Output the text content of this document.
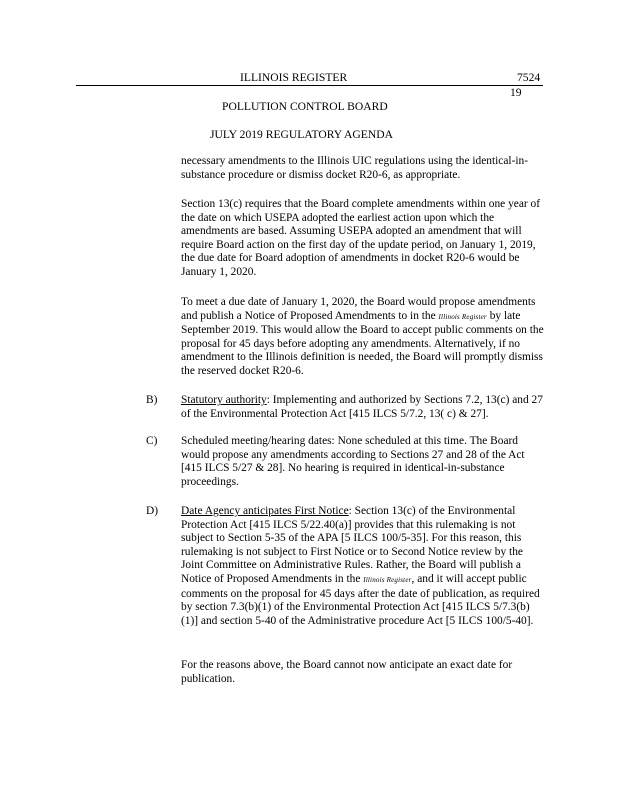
ILLINOIS REGISTER	7524
19
POLLUTION CONTROL BOARD
JULY 2019 REGULATORY AGENDA

necessary amendments to the Illinois UIC regulations using the identical-in-substance procedure or dismiss docket R20-6, as appropriate.

Section 13(c) requires that the Board complete amendments within one year of the date on which USEPA adopted the earliest action upon which the amendments are based. Assuming USEPA adopted an amendment that will require Board action on the first day of the update period, on January 1, 2019, the due date for Board adoption of amendments in docket R20-6 would be January 1, 2020.

To meet a due date of January 1, 2020, the Board would propose amendments and publish a Notice of Proposed Amendments to in the Illinois Register by late September 2019. This would allow the Board to accept public comments on the proposal for 45 days before adopting any amendments. Alternatively, if no amendment to the Illinois definition is needed, the Board will promptly dismiss the reserved docket R20-6.

B) Statutory authority: Implementing and authorized by Sections 7.2, 13(c) and 27 of the Environmental Protection Act [415 ILCS 5/7.2, 13( c) & 27].

C) Scheduled meeting/hearing dates: None scheduled at this time. The Board would propose any amendments according to Sections 27 and 28 of the Act [415 ILCS 5/27 & 28]. No hearing is required in identical-in-substance proceedings.

D) Date Agency anticipates First Notice: Section 13(c) of the Environmental Protection Act [415 ILCS 5/22.40(a)] provides that this rulemaking is not subject to Section 5-35 of the APA [5 ILCS 100/5-35]. For this reason, this rulemaking is not subject to First Notice or to Second Notice review by the Joint Committee on Administrative Rules. Rather, the Board will publish a Notice of Proposed Amendments in the Illinois Register, and it will accept public comments on the proposal for 45 days after the date of publication, as required by section 7.3(b)(1) of the Environmental Protection Act [415 ILCS 5/7.3(b)(1)] and section 5-40 of the Administrative procedure Act [5 ILCS 100/5-40].

For the reasons above, the Board cannot now anticipate an exact date for publication.
